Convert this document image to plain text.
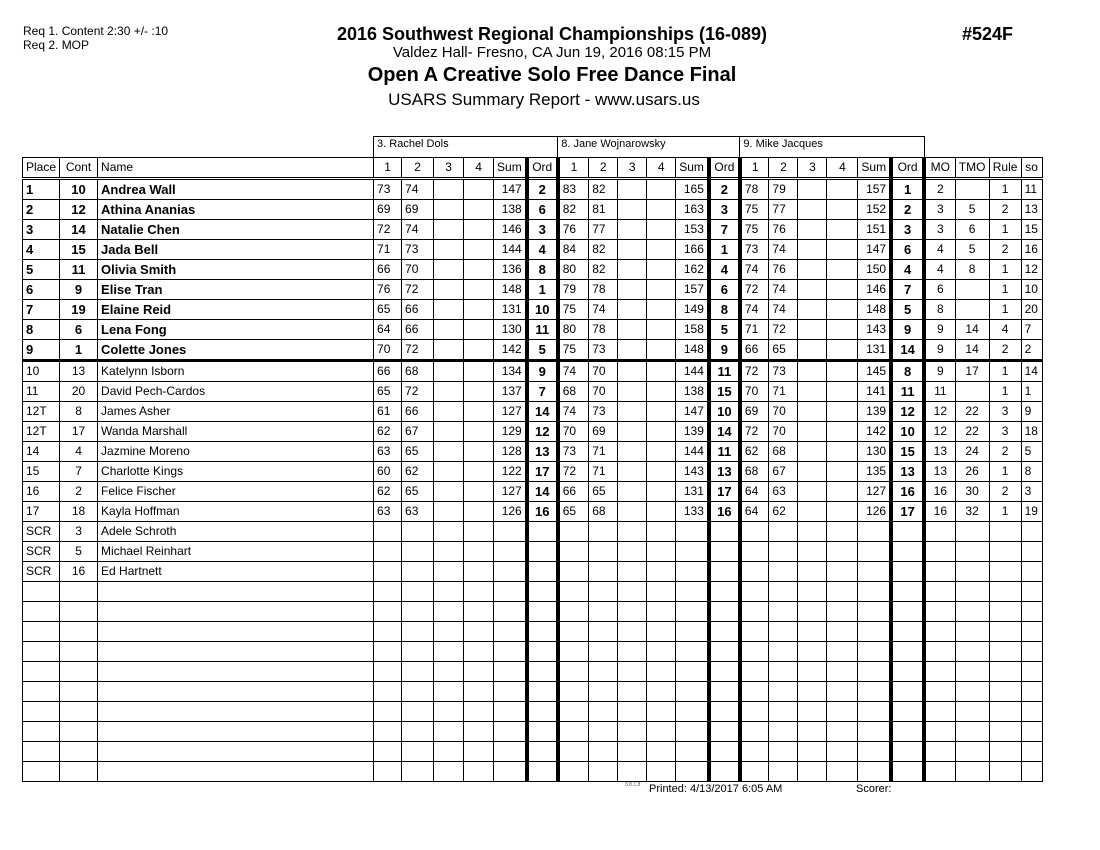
Req 1. Content 2:30 +/- :10
Req 2. MOP
2016 Southwest Regional Championships (16-089)
Valdez Hall- Fresno, CA Jun 19, 2016 08:15 PM
Open A Creative Solo Free Dance Final
USARS Summary Report - www.usars.us
#524F
			3. Rachel Dols						8. Jane Wojnarowsky						9. Mike Jacques									
Place	Cont	Name	1	2	3	4	Sum	Ord	1	2	3	4	Sum	Ord	1	2	3	4	Sum	Ord	MO	TMO	Rule	so
1	10	Andrea Wall	73	74			147	2	83	82			165	2	78	79			157	1	2		1	11
2	12	Athina Ananias	69	69			138	6	82	81			163	3	75	77			152	2	3	5	2	13
3	14	Natalie Chen	72	74			146	3	76	77			153	7	75	76			151	3	3	6	1	15
4	15	Jada Bell	71	73			144	4	84	82			166	1	73	74			147	6	4	5	2	16
5	11	Olivia Smith	66	70			136	8	80	82			162	4	74	76			150	4	4	8	1	12
6	9	Elise Tran	76	72			148	1	79	78			157	6	72	74			146	7	6		1	10
7	19	Elaine Reid	65	66			131	10	75	74			149	8	74	74			148	5	8		1	20
8	6	Lena Fong	64	66			130	11	80	78			158	5	71	72			143	9	9	14	4	7
9	1	Colette Jones	70	72			142	5	75	73			148	9	66	65			131	14	9	14	2	2
10	13	Katelynn Isborn	66	68			134	9	74	70			144	11	72	73			145	8	9	17	1	14
11	20	David Pech-Cardos	65	72			137	7	68	70			138	15	70	71			141	11	11		1	1
12T	8	James Asher	61	66			127	14	74	73			147	10	69	70			139	12	12	22	3	9
12T	17	Wanda Marshall	62	67			129	12	70	69			139	14	72	70			142	10	12	22	3	18
14	4	Jazmine Moreno	63	65			128	13	73	71			144	11	62	68			130	15	13	24	2	5
15	7	Charlotte Kings	60	62			122	17	72	71			143	13	68	67			135	13	13	26	1	8
16	2	Felice Fischer	62	65			127	14	66	65			131	17	64	63			127	16	16	30	2	3
17	18	Kayla Hoffman	63	63			126	16	65	68			133	16	64	62			126	17	16	32	1	19
SCR	3	Adele Schroth																						
SCR	5	Michael Reinhart																						
SCR	16	Ed Hartnett																						

3.8.1.8 Printed: 4/13/2017 6:05 AM	Scorer:
